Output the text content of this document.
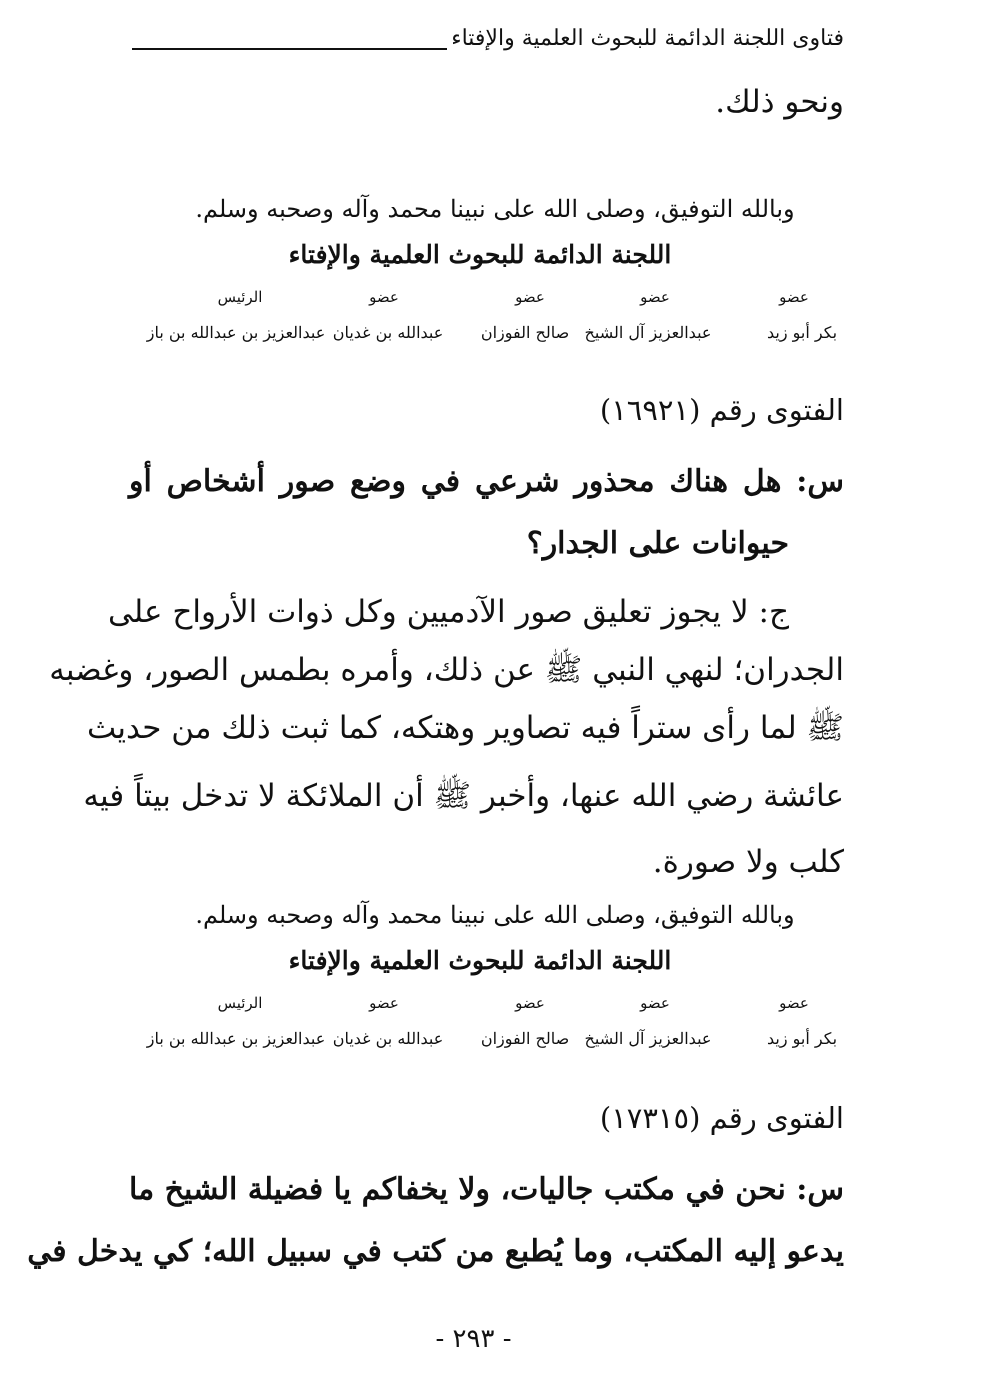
فتاوى اللجنة الدائمة للبحوث العلمية والإفتاء
ونحو ذلك.
وبالله التوفيق، وصلى الله على نبينا محمد وآله وصحبه وسلم.
اللجنة الدائمة للبحوث العلمية والإفتاء
عضو
عضو
عضو
عضو
الرئيس
بكر أبو زيد
عبدالعزيز آل الشيخ
صالح الفوزان
عبدالله بن غديان
عبدالعزيز بن عبدالله بن باز
الفتوى رقم (١٦٩٢١)
س: هل هناك محذور شرعي في وضع صور أشخاص أو
حيوانات على الجدار؟
ج: لا يجوز تعليق صور الآدميين وكل ذوات الأرواح على
الجدران؛ لنهي النبي ﷺ عن ذلك، وأمره بطمس الصور، وغضبه
ﷺ لما رأى ستراً فيه تصاوير وهتكه، كما ثبت ذلك من حديث
عائشة رضي الله عنها، وأخبر ﷺ أن الملائكة لا تدخل بيتاً فيه
كلب ولا صورة.
وبالله التوفيق، وصلى الله على نبينا محمد وآله وصحبه وسلم.
اللجنة الدائمة للبحوث العلمية والإفتاء
عضو
عضو
عضو
عضو
الرئيس
بكر أبو زيد
عبدالعزيز آل الشيخ
صالح الفوزان
عبدالله بن غديان
عبدالعزيز بن عبدالله بن باز
الفتوى رقم (١٧٣١٥)
س: نحن في مكتب جاليات، ولا يخفاكم يا فضيلة الشيخ ما
يدعو إليه المكتب، وما يُطبع من كتب في سبيل الله؛ كي يدخل في
- ٢٩٣ -
